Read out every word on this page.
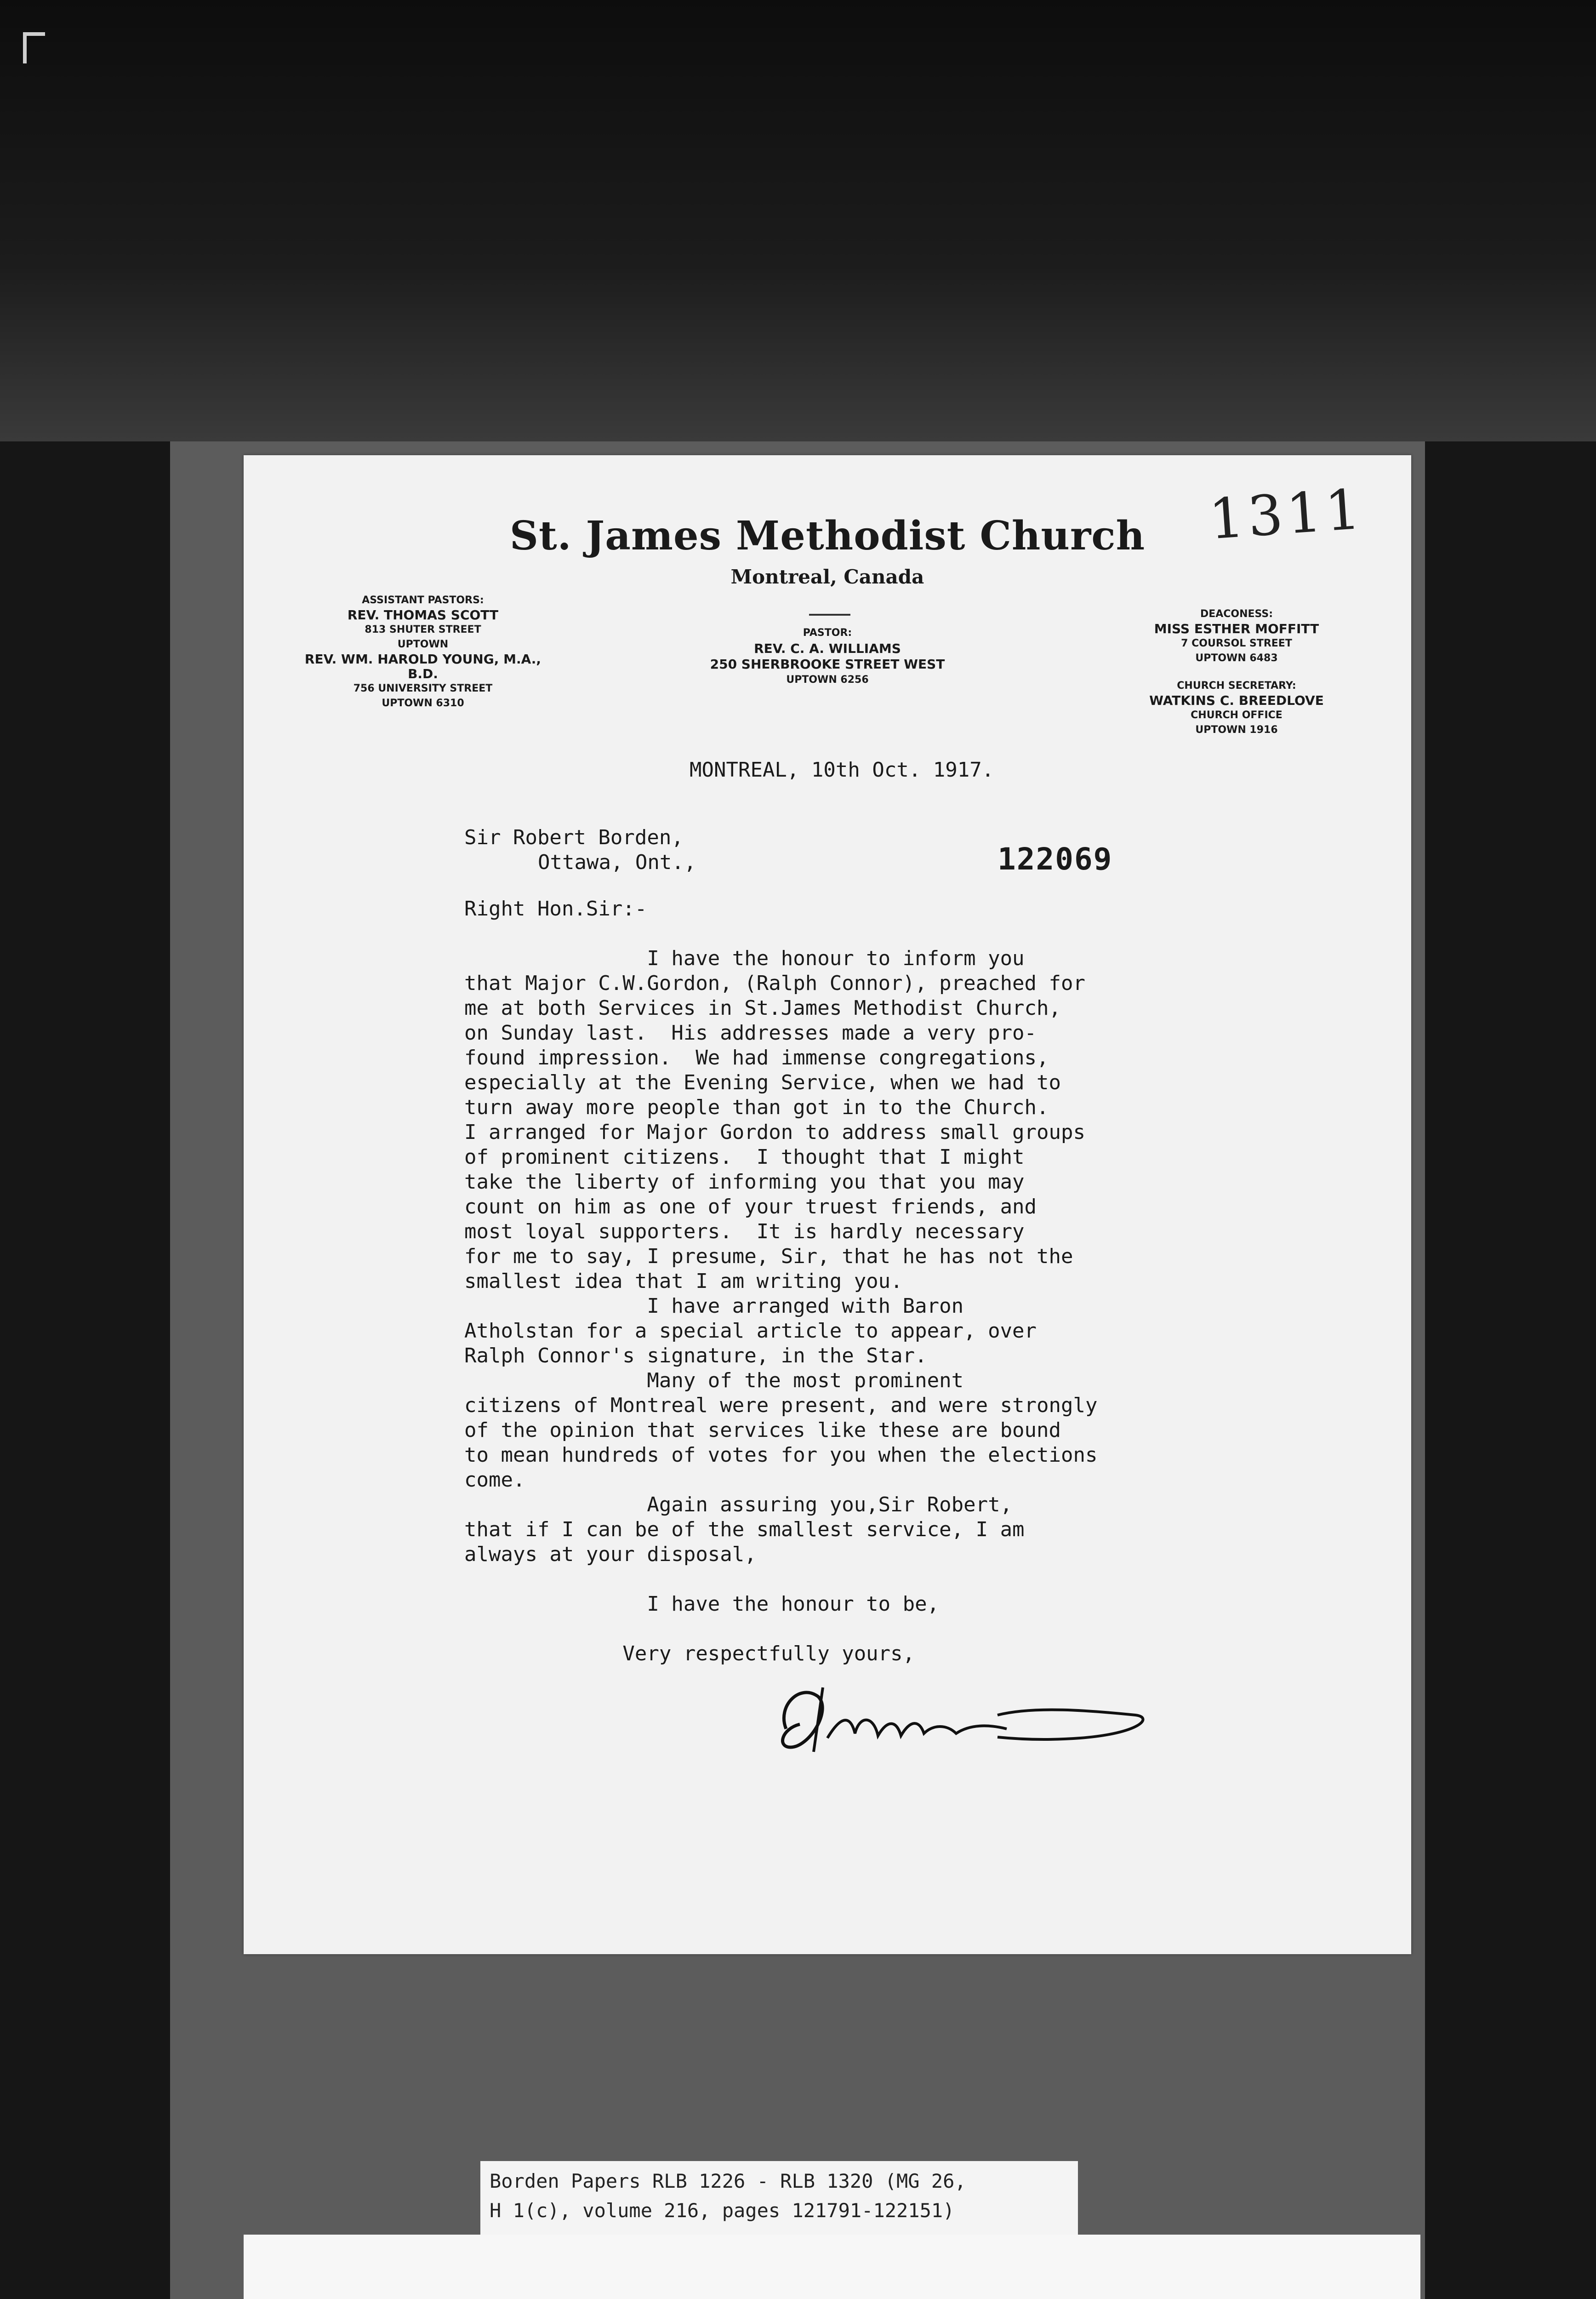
St. James Methodist Church
Montreal, Canada
ASSISTANT PASTORS:
REV. THOMAS SCOTT
813 SHUTER STREET
UPTOWN
REV. WM. HAROLD YOUNG, M.A., B.D.
756 UNIVERSITY STREET
UPTOWN 6310
PASTOR:
REV. C. A. WILLIAMS
250 SHERBROOKE STREET WEST
UPTOWN 6256
DEACONESS:
MISS ESTHER MOFFITT
7 COURSOL STREET
UPTOWN 6483
CHURCH SECRETARY:
WATKINS C. BREEDLOVE
CHURCH OFFICE
UPTOWN 1916
1311
MONTREAL, 10th Oct. 1917.
Sir Robert Borden,
Ottawa, Ont.,	122069
Right Hon.Sir:-
I have the honour to inform you
that Major C.W.Gordon, (Ralph Connor), preached for
me at both Services in St.James Methodist Church,
on Sunday last.  His addresses made a very pro-
found impression.  We had immense congregations,
especially at the Evening Service, when we had to
turn away more people than got in to the Church.
I arranged for Major Gordon to address small groups
of prominent citizens.  I thought that I might
take the liberty of informing you that you may
count on him as one of your truest friends, and
most loyal supporters.  It is hardly necessary
for me to say, I presume, Sir, that he has not the
smallest idea that I am writing you.
I have arranged with Baron
Atholstan for a special article to appear, over
Ralph Connor's signature, in the Star.
Many of the most prominent
citizens of Montreal were present, and were strongly
of the opinion that services like these are bound
to mean hundreds of votes for you when the elections
come.
Again assuring you,Sir Robert,
that if I can be of the smallest service, I am
always at your disposal,

I have the honour to be,

Very respectfully yours,
Borden Papers RLB 1226 - RLB 1320 (MG 26,
H 1(c), volume 216, pages 121791-122151)
